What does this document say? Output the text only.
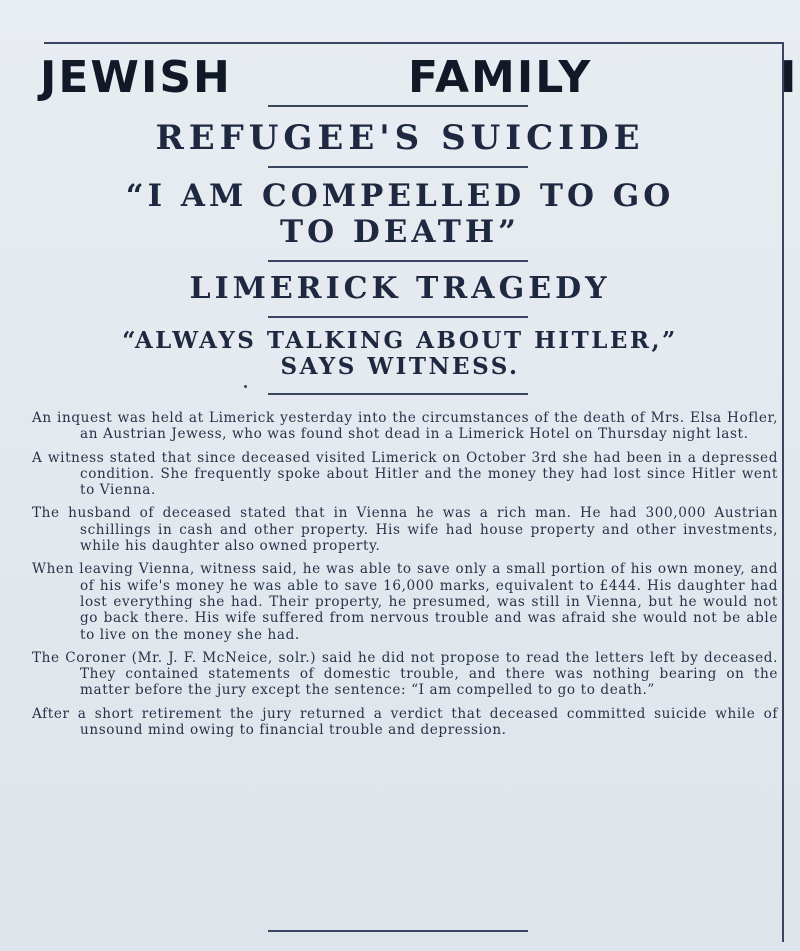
JEWISH	FAMILY	I
REFUGEE'S SUICIDE
“I AM COMPELLED TO GO TO DEATH”
LIMERICK TRAGEDY
“ALWAYS TALKING ABOUT HITLER,” SAYS WITNESS.

An inquest was held at Limerick yesterday into the circumstances of the death of Mrs. Elsa Hofler, an Austrian Jewess, who was found shot dead in a Limerick Hotel on Thursday night last.

A witness stated that since deceased visited Limerick on October 3rd she had been in a depressed condition. She frequently spoke about Hitler and the money they had lost since Hitler went to Vienna.

The husband of deceased stated that in Vienna he was a rich man. He had 300,000 Austrian schillings in cash and other property. His wife had house property and other investments, while his daughter also owned property.

When leaving Vienna, witness said, he was able to save only a small portion of his own money, and of his wife's money he was able to save 16,000 marks, equivalent to £444. His daughter had lost everything she had. Their property, he presumed, was still in Vienna, but he would not go back there. His wife suffered from nervous trouble and was afraid she would not be able to live on the money she had.

The Coroner (Mr. J. F. McNeice, solr.) said he did not propose to read the letters left by deceased. They contained statements of domestic trouble, and there was nothing bearing on the matter before the jury except the sentence: “I am compelled to go to death.”

After a short retirement the jury returned a verdict that deceased committed suicide while of unsound mind owing to financial trouble and depression.
